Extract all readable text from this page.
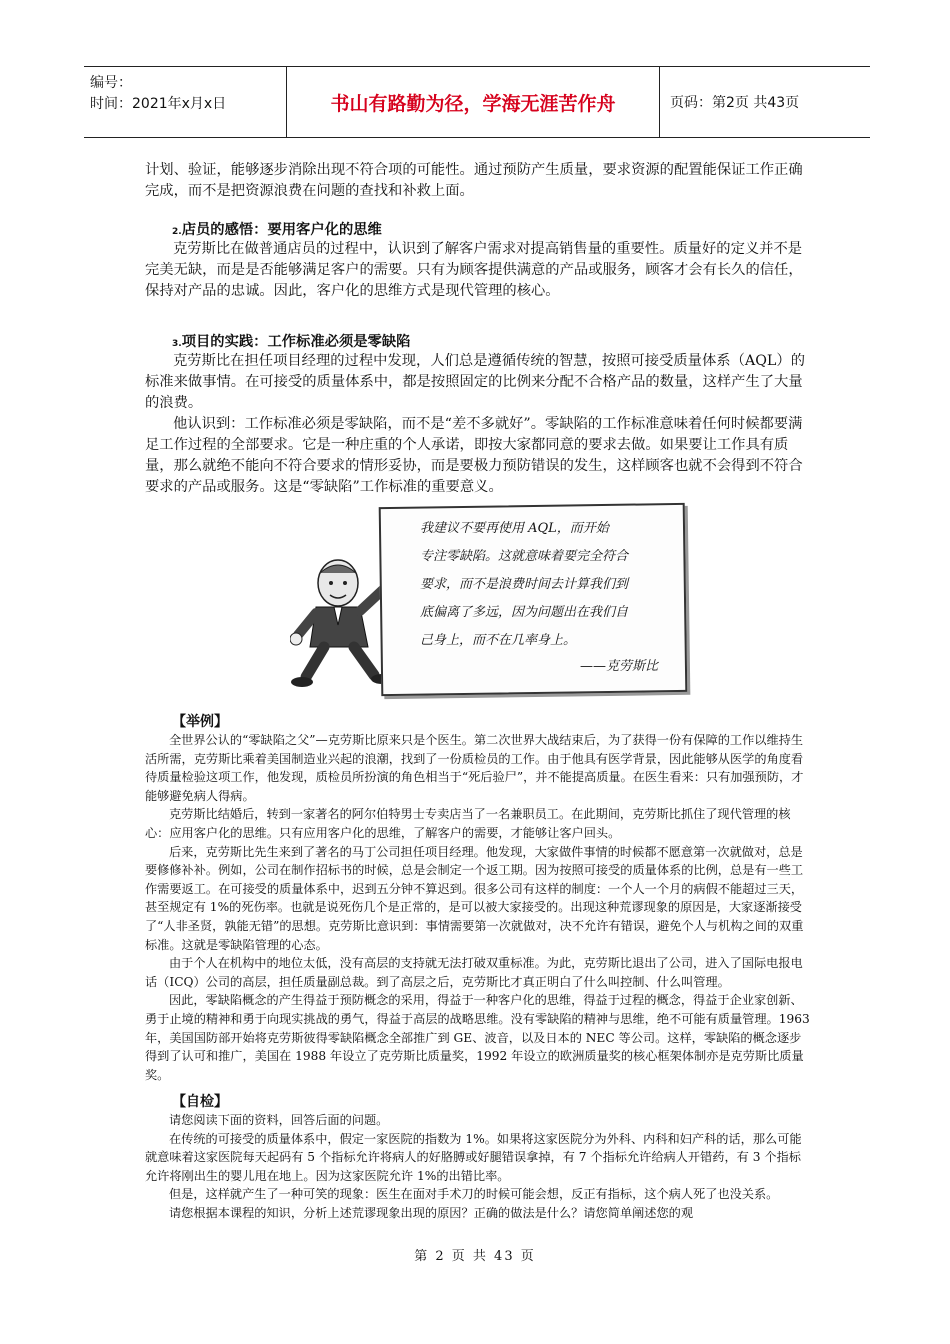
编号：
时间：2021年x月x日	书山有路勤为径，学海无涯苦作舟	页码：第2页 共43页

计划、验证，能够逐步消除出现不符合项的可能性。通过预防产生质量，要求资源的配置能保证工作正确完成，而不是把资源浪费在问题的查找和补救上面。

2.店员的感悟：要用客户化的思维

克劳斯比在做普通店员的过程中，认识到了解客户需求对提高销售量的重要性。质量好的定义并不是完美无缺，而是是否能够满足客户的需要。只有为顾客提供满意的产品或服务，顾客才会有长久的信任，保持对产品的忠诚。因此，客户化的思维方式是现代管理的核心。

3.项目的实践：工作标准必须是零缺陷

克劳斯比在担任项目经理的过程中发现，人们总是遵循传统的智慧，按照可接受质量体系（AQL）的标准来做事情。在可接受的质量体系中，都是按照固定的比例来分配不合格产品的数量，这样产生了大量的浪费。

他认识到：工作标准必须是零缺陷，而不是“差不多就好”。零缺陷的工作标准意味着任何时候都要满足工作过程的全部要求。它是一种庄重的个人承诺，即按大家都同意的要求去做。如果要让工作具有质量，那么就绝不能向不符合要求的情形妥协，而是要极力预防错误的发生，这样顾客也就不会得到不符合要求的产品或服务。这是“零缺陷”工作标准的重要意义。

我建议不要再使用 AQL，而开始

专注零缺陷。这就意味着要完全符合

要求，而不是浪费时间去计算我们到

底偏离了多远，因为问题出在我们自

己身上，而不在几率身上。

——克劳斯比
【举例】

全世界公认的“零缺陷之父”—克劳斯比原来只是个医生。第二次世界大战结束后，为了获得一份有保障的工作以维持生活所需，克劳斯比乘着美国制造业兴起的浪潮，找到了一份质检员的工作。由于他具有医学背景，因此能够从医学的角度看待质量检验这项工作，他发现，质检员所扮演的角色相当于“死后验尸”，并不能提高质量。在医生看来：只有加强预防，才能够避免病人得病。

克劳斯比结婚后，转到一家著名的阿尔伯特男士专卖店当了一名兼职员工。在此期间，克劳斯比抓住了现代管理的核心：应用客户化的思维。只有应用客户化的思维，了解客户的需要，才能够让客户回头。

后来，克劳斯比先生来到了著名的马丁公司担任项目经理。他发现，大家做件事情的时候都不愿意第一次就做对，总是要修修补补。例如，公司在制作招标书的时候，总是会制定一个返工期。因为按照可接受的质量体系的比例，总是有一些工作需要返工。在可接受的质量体系中，迟到五分钟不算迟到。很多公司有这样的制度：一个人一个月的病假不能超过三天，甚至规定有 1%的死伤率。也就是说死伤几个是正常的，是可以被大家接受的。出现这种荒谬现象的原因是，大家逐渐接受了“人非圣贤，孰能无错”的思想。克劳斯比意识到：事情需要第一次就做对，决不允许有错误，避免个人与机构之间的双重标准。这就是零缺陷管理的心态。

由于个人在机构中的地位太低，没有高层的支持就无法打破双重标准。为此，克劳斯比退出了公司，进入了国际电报电话（ICQ）公司的高层，担任质量副总裁。到了高层之后，克劳斯比才真正明白了什么叫控制、什么叫管理。

因此，零缺陷概念的产生得益于预防概念的采用，得益于一种客户化的思维，得益于过程的概念，得益于企业家创新、勇于止境的精神和勇于向现实挑战的勇气，得益于高层的战略思维。没有零缺陷的精神与思维，绝不可能有质量管理。1963年，美国国防部开始将克劳斯彼得零缺陷概念全部推广到 GE、波音，以及日本的 NEC 等公司。这样，零缺陷的概念逐步得到了认可和推广，美国在 1988 年设立了克劳斯比质量奖，1992 年设立的欧洲质量奖的核心框架体制亦是克劳斯比质量奖。

【自检】

请您阅读下面的资料，回答后面的问题。

在传统的可接受的质量体系中，假定一家医院的指数为 1%。如果将这家医院分为外科、内科和妇产科的话，那么可能就意味着这家医院每天起码有 5 个指标允许将病人的好胳膊或好腿错误拿掉，有 7 个指标允许给病人开错药，有 3 个指标允许将刚出生的婴儿甩在地上。因为这家医院允许 1%的出错比率。

但是，这样就产生了一种可笑的现象：医生在面对手术刀的时候可能会想，反正有指标，这个病人死了也没关系。

请您根据本课程的知识，分析上述荒谬现象出现的原因？正确的做法是什么？请您简单阐述您的观

第 2 页 共 43 页
